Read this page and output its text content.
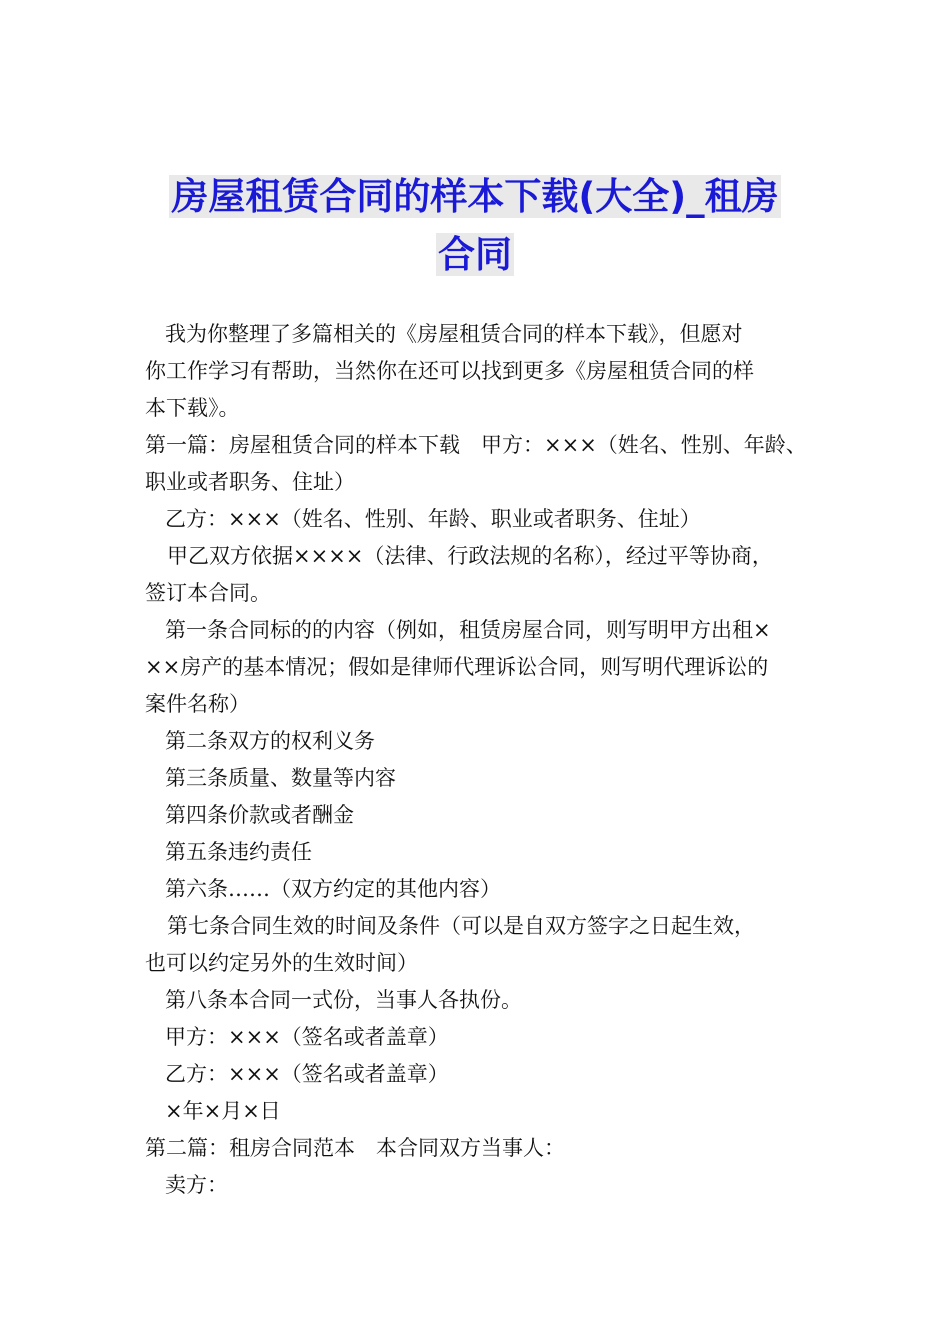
房屋租赁合同的样本下载(大全)_租房
合同
我为你整理了多篇相关的《房屋租赁合同的样本下载》，但愿对
你工作学习有帮助，当然你在还可以找到更多《房屋租赁合同的样
本下载》。
第一篇：房屋租赁合同的样本下载　甲方：×××（姓名、性别、年龄、
职业或者职务、住址）
乙方：×××（姓名、性别、年龄、职业或者职务、住址）
甲乙双方依据××××（法律、行政法规的名称），经过平等协商，
签订本合同。
第一条合同标的的内容（例如，租赁房屋合同，则写明甲方出租×
××房产的基本情况；假如是律师代理诉讼合同，则写明代理诉讼的
案件名称）
第二条双方的权利义务
第三条质量、数量等内容
第四条价款或者酬金
第五条违约责任
第六条……（双方约定的其他内容）
第七条合同生效的时间及条件（可以是自双方签字之日起生效，
也可以约定另外的生效时间）
第八条本合同一式份，当事人各执份。
甲方：×××（签名或者盖章）
乙方：×××（签名或者盖章）
×年×月×日
第二篇：租房合同范本　本合同双方当事人：
卖方：
